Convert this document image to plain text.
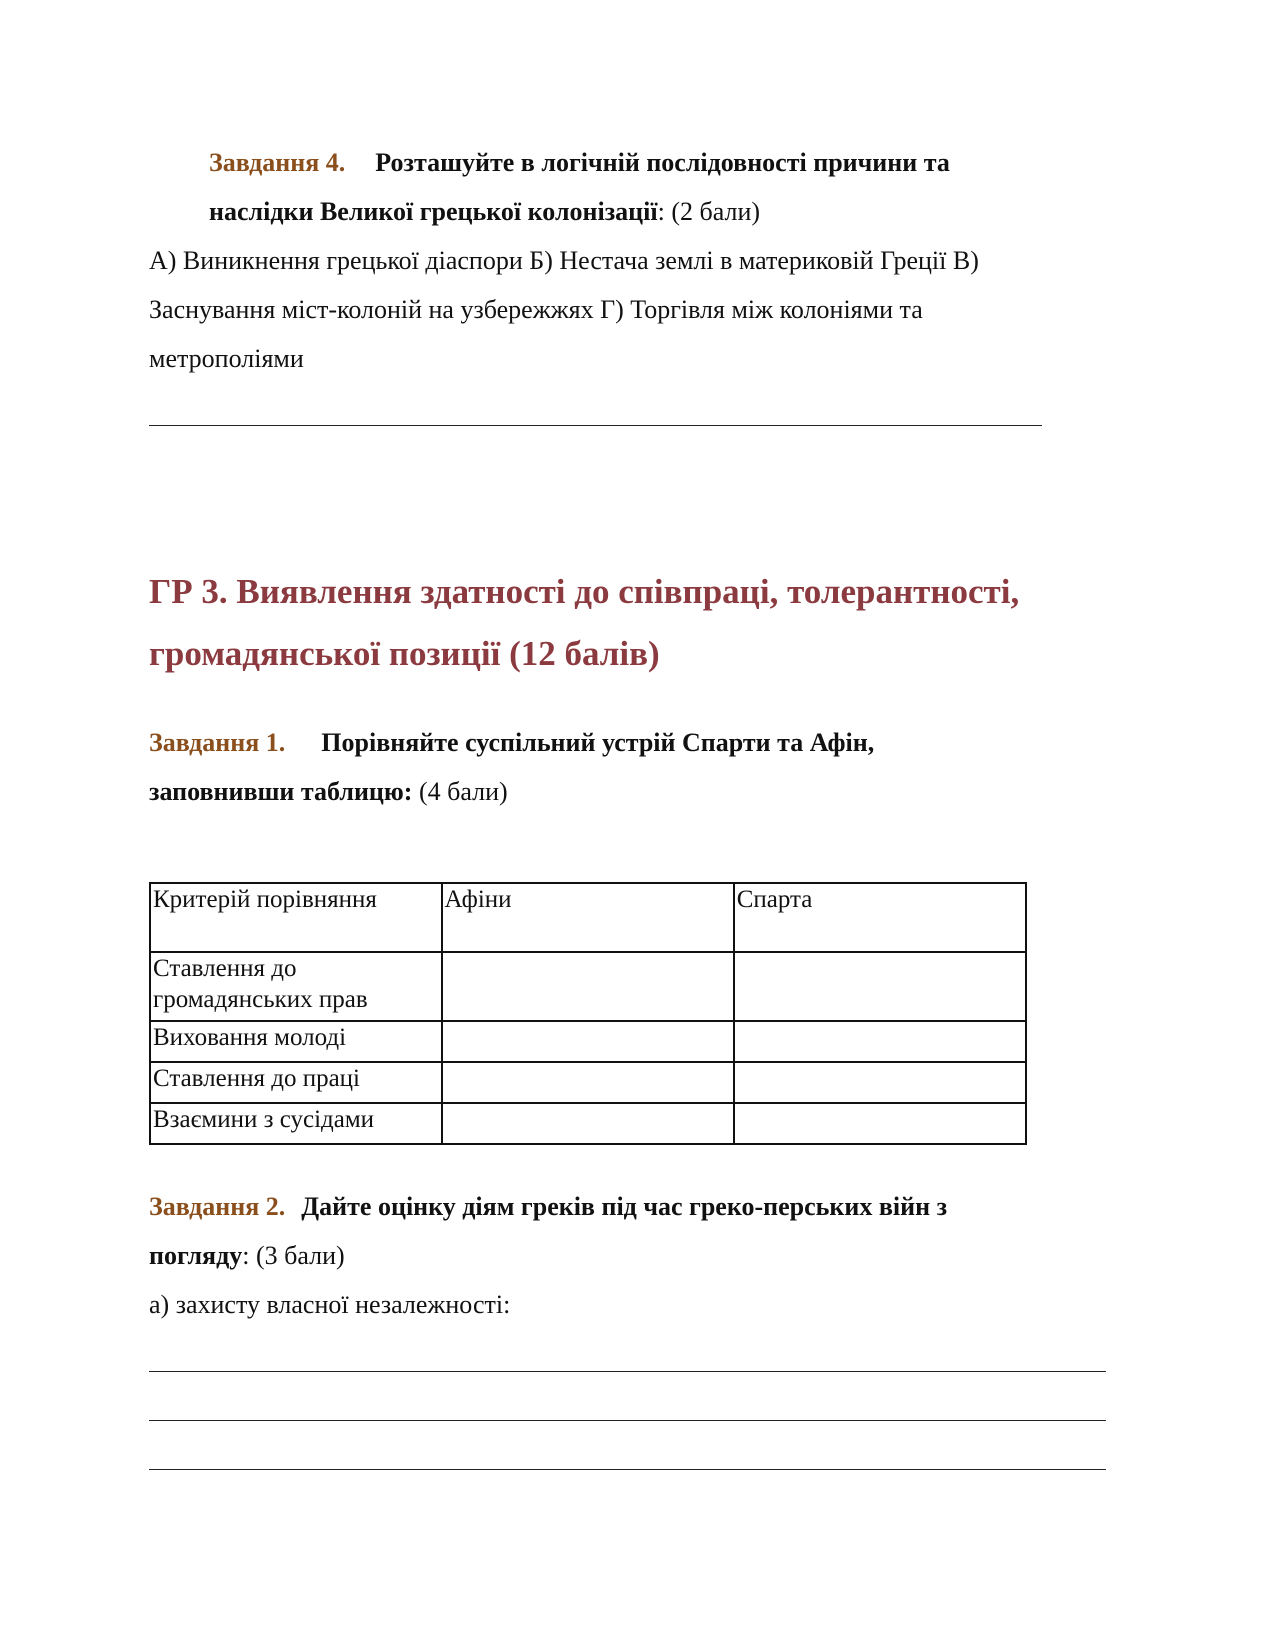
Завдання 4. Розташуйте в логічній послідовності причини та
наслідки Великої грецької колонізації: (2 бали)
А) Виникнення грецької діаспори Б) Нестача землі в материковій Греції В)
Заснування міст-колоній на узбережжях Г) Торгівля між колоніями та
метрополіями
ГР 3. Виявлення здатності до співпраці, толерантності,
громадянської позиції (12 балів)
Завдання 1. Порівняйте суспільний устрій Спарти та Афін,
заповнивши таблицю: (4 бали)
Критерій порівняння	Афіни	Спарта
Ставлення до громадянських прав		
Виховання молоді		
Ставлення до праці		
Взаємини з сусідами		
Завдання 2. Дайте оцінку діям греків під час греко-перських війн з
погляду: (3 бали)
а) захисту власної незалежності:
